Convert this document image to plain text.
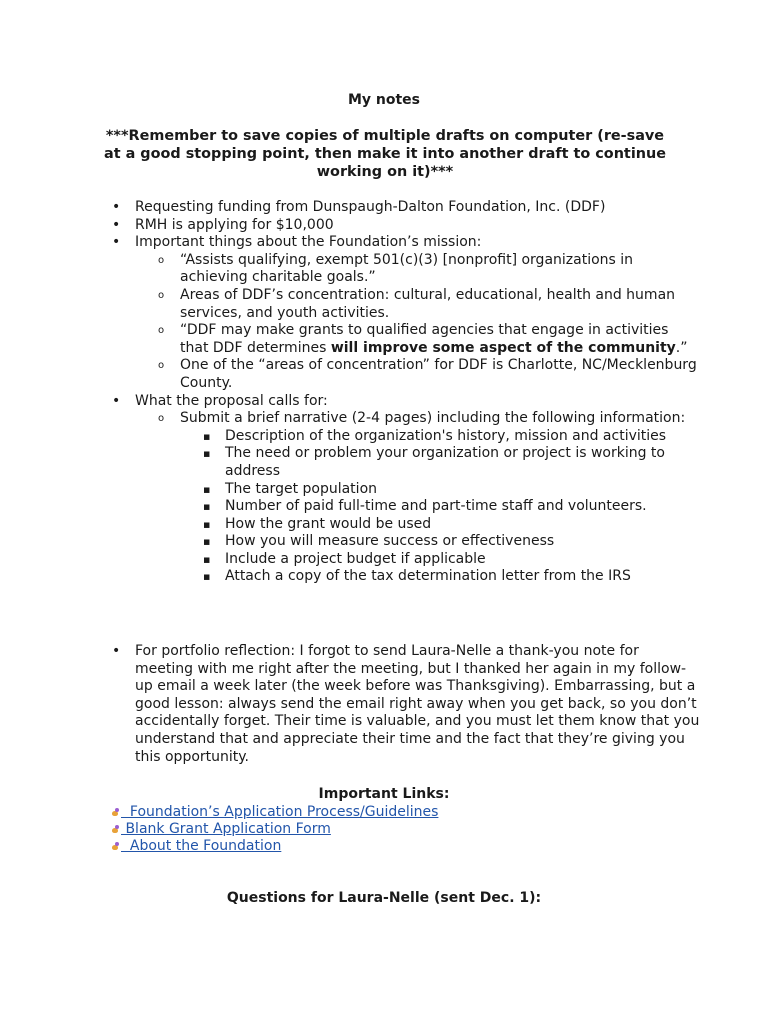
My notes
***Remember to save copies of multiple drafts on computer (re-save at a good stopping point, then make it into another draft to continue working on it)***
• Requesting funding from Dunspaugh-Dalton Foundation, Inc. (DDF)
• RMH is applying for $10,000
• Important things about the Foundation’s mission:
o “Assists qualifying, exempt 501(c)(3) [nonprofit] organizations in achieving charitable goals.”
o Areas of DDF’s concentration: cultural, educational, health and human services, and youth activities.
o “DDF may make grants to qualified agencies that engage in activities that DDF determines will improve some aspect of the community.”
o One of the “areas of concentration” for DDF is Charlotte, NC/Mecklenburg County.
• What the proposal calls for:
o Submit a brief narrative (2-4 pages) including the following information:
▪ Description of the organization's history, mission and activities
▪ The need or problem your organization or project is working to address
▪ The target population
▪ Number of paid full-time and part-time staff and volunteers.
▪ How the grant would be used
▪ How you will measure success or effectiveness
▪ Include a project budget if applicable
▪ Attach a copy of the tax determination letter from the IRS
• For portfolio reflection: I forgot to send Laura-Nelle a thank-you note for meeting with me right after the meeting, but I thanked her again in my follow-up email a week later (the week before was Thanksgiving). Embarrassing, but a good lesson: always send the email right away when you get back, so you don’t accidentally forget. Their time is valuable, and you must let them know that you understand that and appreciate their time and the fact that they’re giving you this opportunity.
Important Links:
Foundation’s Application Process/Guidelines
Blank Grant Application Form
About the Foundation
Questions for Laura-Nelle (sent Dec. 1):
